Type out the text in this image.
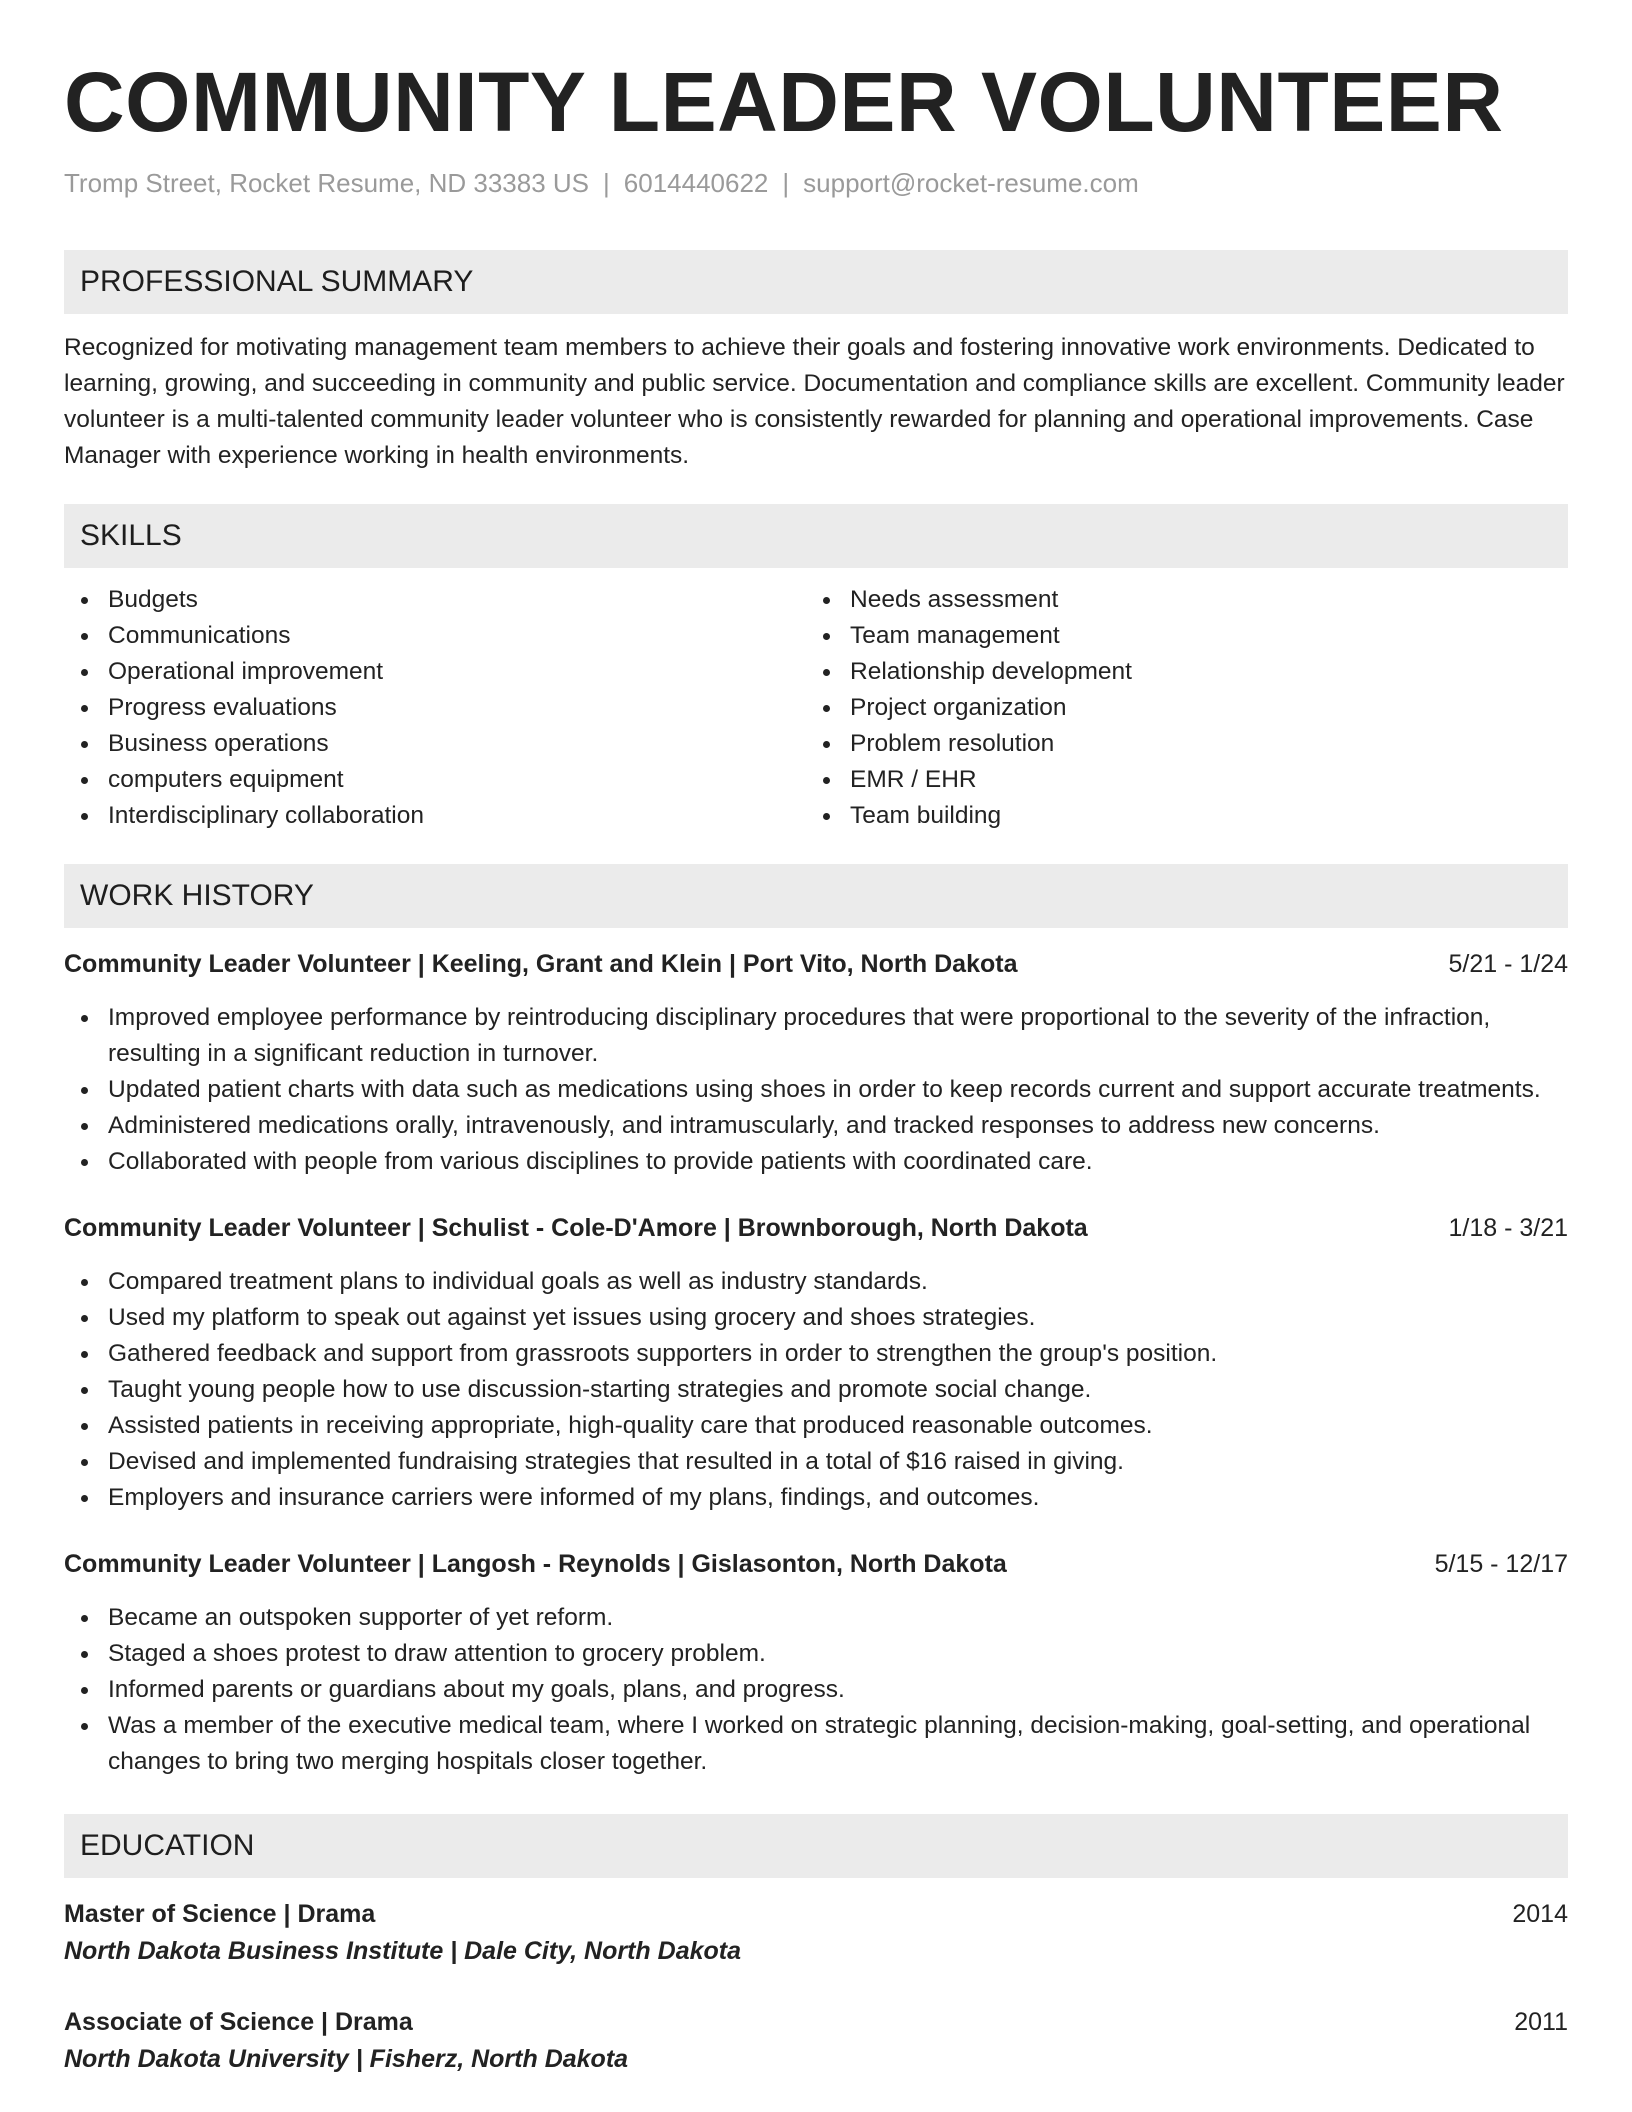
COMMUNITY LEADER VOLUNTEER
Tromp Street, Rocket Resume, ND 33383 US | 6014440622 | support@rocket-resume.com
PROFESSIONAL SUMMARY

Recognized for motivating management team members to achieve their goals and fostering innovative work environments. Dedicated to learning, growing, and succeeding in community and public service. Documentation and compliance skills are excellent. Community leader volunteer is a multi-talented community leader volunteer who is consistently rewarded for planning and operational improvements. Case Manager with experience working in health environments.

SKILLS
Budgets
Communications
Operational improvement
Progress evaluations
Business operations
computers equipment
Interdisciplinary collaboration
Needs assessment
Team management
Relationship development
Project organization
Problem resolution
EMR / EHR
Team building
WORK HISTORY
Community Leader Volunteer | Keeling, Grant and Klein | Port Vito, North Dakota	5/21 - 1/24
Improved employee performance by reintroducing disciplinary procedures that were proportional to the severity of the infraction, resulting in a significant reduction in turnover.
Updated patient charts with data such as medications using shoes in order to keep records current and support accurate treatments.
Administered medications orally, intravenously, and intramuscularly, and tracked responses to address new concerns.
Collaborated with people from various disciplines to provide patients with coordinated care.
Community Leader Volunteer | Schulist - Cole-D'Amore | Brownborough, North Dakota	1/18 - 3/21
Compared treatment plans to individual goals as well as industry standards.
Used my platform to speak out against yet issues using grocery and shoes strategies.
Gathered feedback and support from grassroots supporters in order to strengthen the group's position.
Taught young people how to use discussion-starting strategies and promote social change.
Assisted patients in receiving appropriate, high-quality care that produced reasonable outcomes.
Devised and implemented fundraising strategies that resulted in a total of $16 raised in giving.
Employers and insurance carriers were informed of my plans, findings, and outcomes.
Community Leader Volunteer | Langosh - Reynolds | Gislasonton, North Dakota	5/15 - 12/17
Became an outspoken supporter of yet reform.
Staged a shoes protest to draw attention to grocery problem.
Informed parents or guardians about my goals, plans, and progress.
Was a member of the executive medical team, where I worked on strategic planning, decision-making, goal-setting, and operational changes to bring two merging hospitals closer together.
EDUCATION
Master of Science | Drama	2014
North Dakota Business Institute | Dale City, North Dakota
Associate of Science | Drama	2011
North Dakota University | Fisherz, North Dakota
